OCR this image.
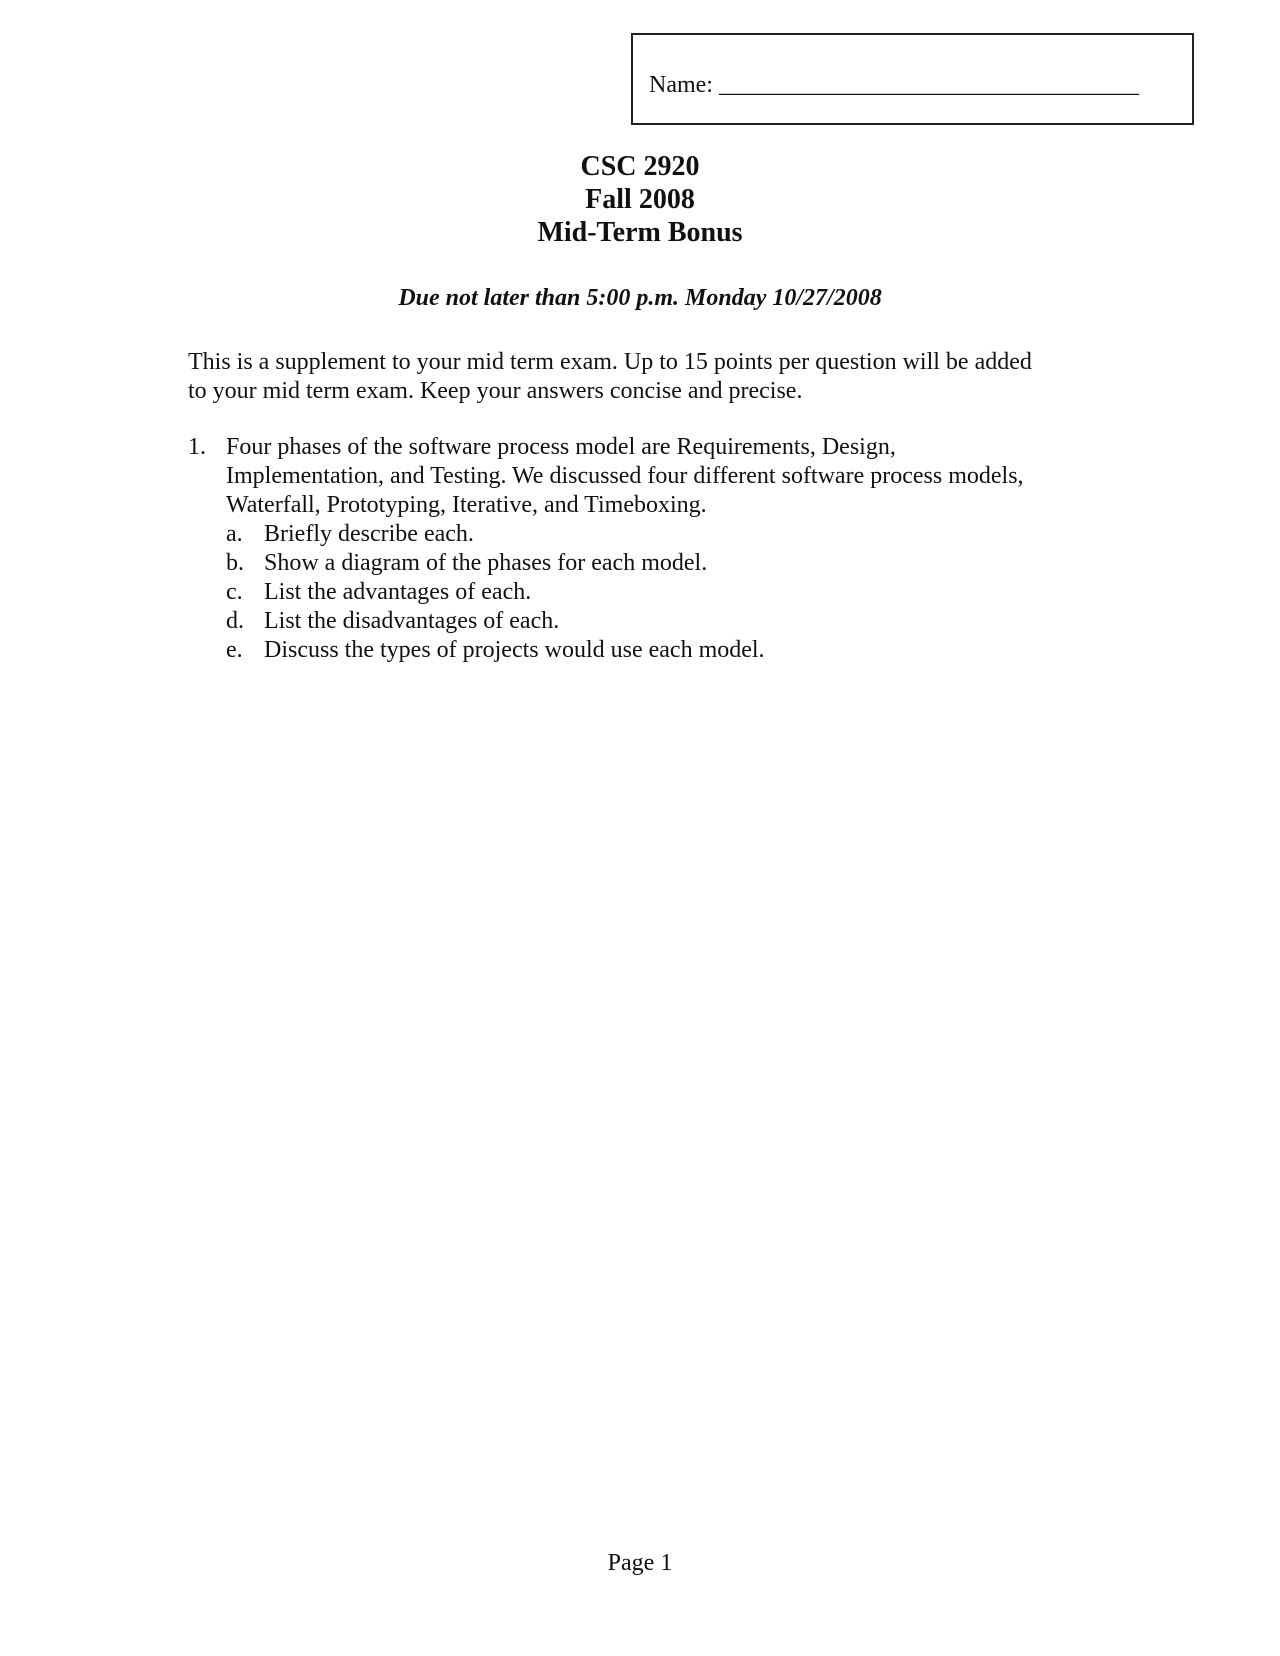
Name: ___________________________________
CSC 2920
Fall 2008
Mid-Term Bonus
Due not later than 5:00 p.m. Monday 10/27/2008
This is a supplement to your mid term exam. Up to 15 points per question will be added
to your mid term exam. Keep your answers concise and precise.
1. Four phases of the software process model are Requirements, Design,
Implementation, and Testing. We discussed four different software process models,
Waterfall, Prototyping, Iterative, and Timeboxing.
a. Briefly describe each.
b. Show a diagram of the phases for each model.
c. List the advantages of each.
d. List the disadvantages of each.
e. Discuss the types of projects would use each model.
Page 1
